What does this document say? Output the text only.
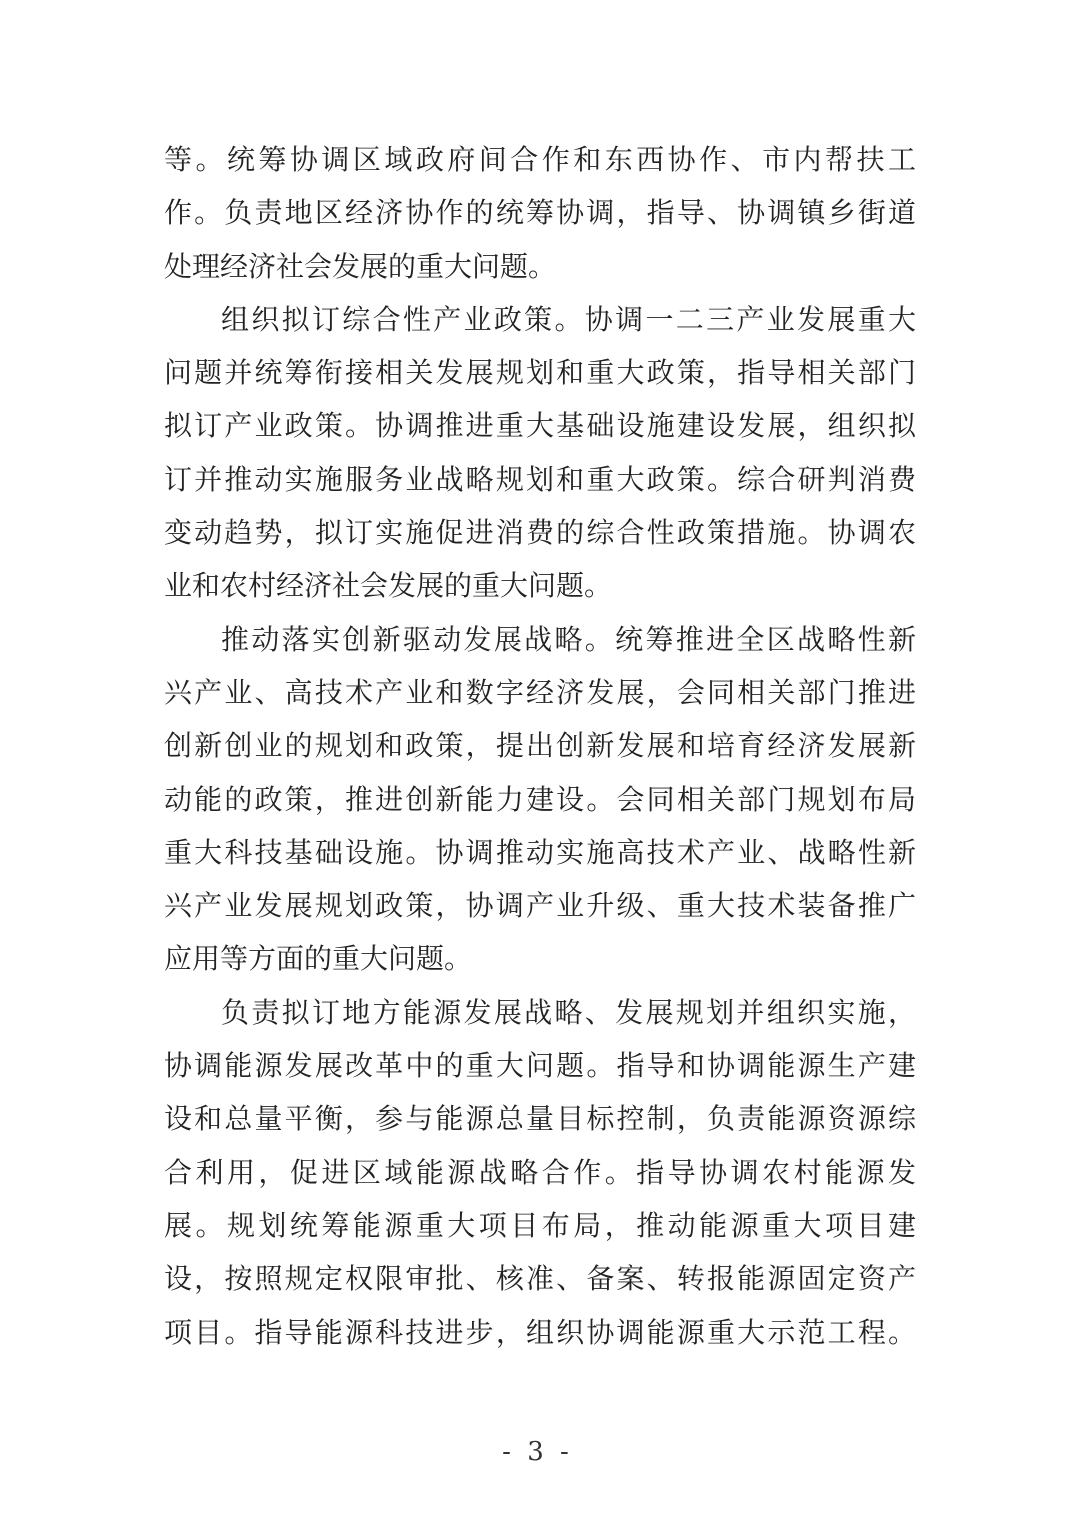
等。统筹协调区域政府间合作和东西协作、市内帮扶工
作。负责地区经济协作的统筹协调，指导、协调镇乡街道
处理经济社会发展的重大问题。
组织拟订综合性产业政策。协调一二三产业发展重大
问题并统筹衔接相关发展规划和重大政策，指导相关部门
拟订产业政策。协调推进重大基础设施建设发展，组织拟
订并推动实施服务业战略规划和重大政策。综合研判消费
变动趋势，拟订实施促进消费的综合性政策措施。协调农
业和农村经济社会发展的重大问题。
推动落实创新驱动发展战略。统筹推进全区战略性新
兴产业、高技术产业和数字经济发展，会同相关部门推进
创新创业的规划和政策，提出创新发展和培育经济发展新
动能的政策，推进创新能力建设。会同相关部门规划布局
重大科技基础设施。协调推动实施高技术产业、战略性新
兴产业发展规划政策，协调产业升级、重大技术装备推广
应用等方面的重大问题。
负责拟订地方能源发展战略、发展规划并组织实施，
协调能源发展改革中的重大问题。指导和协调能源生产建
设和总量平衡，参与能源总量目标控制，负责能源资源综
合利用，促进区域能源战略合作。指导协调农村能源发
展。规划统筹能源重大项目布局，推动能源重大项目建
设，按照规定权限审批、核准、备案、转报能源固定资产
项目。指导能源科技进步，组织协调能源重大示范工程。
- 3 -
